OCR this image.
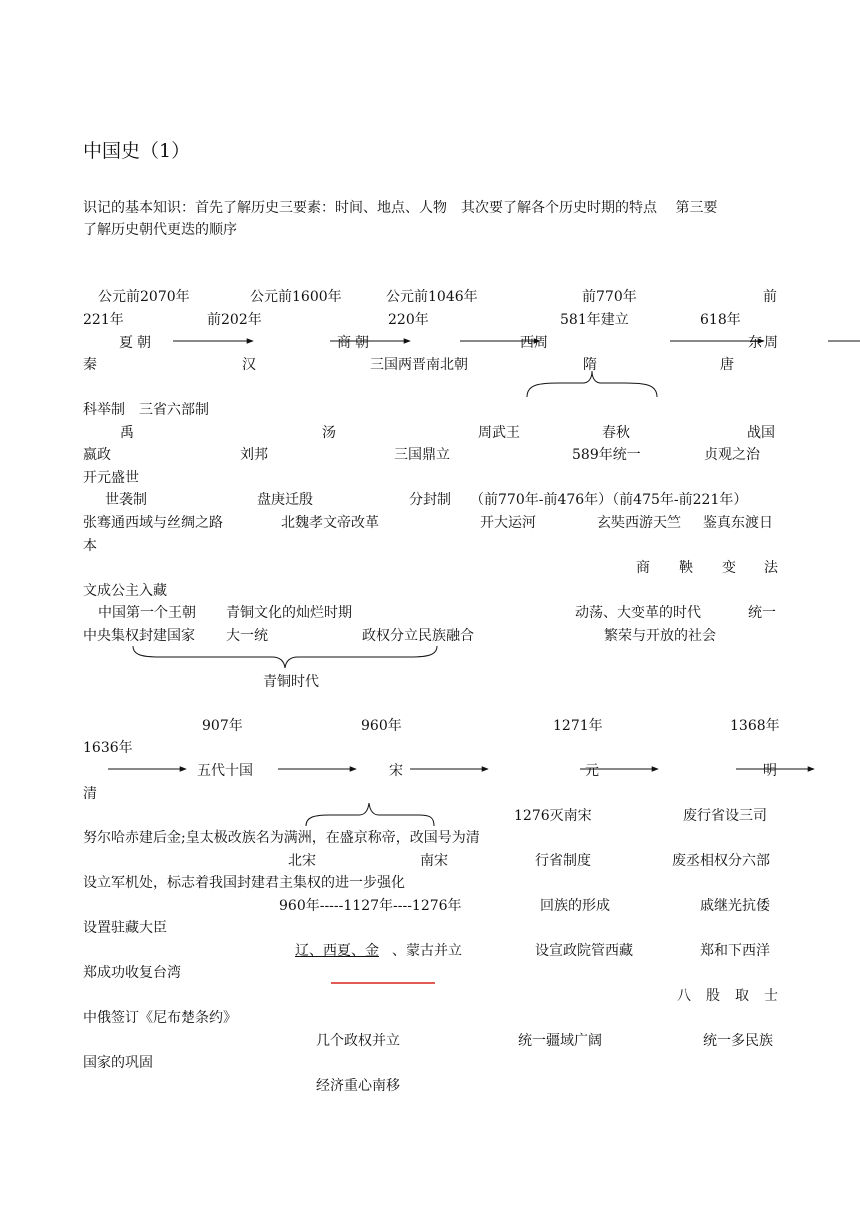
中国史（1）
识记的基本知识：首先了解历史三要素：时间、地点、人物　其次要了解各个历史时期的特点　 第三要
了解历史朝代更迭的顺序
公元前2070年	公元前1600年	公元前1046年	前770年	前
221年	前202年	220年	581年建立	618年
夏朝	商朝	西周	东周
秦	汉	三国两晋南北朝	隋	唐
科举制　三省六部制
禹	汤	周武王	春秋	战国
嬴政	刘邦	三国鼎立	589年统一	贞观之治
开元盛世
世袭制	盘庚迁殷	分封制 （前770年-前476年）（前475年-前221年）
张骞通西域与丝绸之路	北魏孝文帝改革	开大运河	玄奘西游天竺 鉴真东渡日
本
商 鞅 变 法
文成公主入藏
中国第一个王朝 青铜文化的灿烂时期	动荡、大变革的时代	统一
中央集权封建国家 大一统	政权分立民族融合	繁荣与开放的社会
青铜时代
907年	960年	1271年	1368年
1636年
五代十国	宋	元	明
清
1276灭南宋	废行省设三司
努尔哈赤建后金;皇太极改族名为满洲，在盛京称帝，改国号为清
北宋	南宋	行省制度	废丞相权分六部
设立军机处，标志着我国封建君主集权的进一步强化
960年-----1127年----1276年	回族的形成	戚继光抗倭
设置驻藏大臣
辽、西夏、金 、蒙古并立	设宣政院管西藏	郑和下西洋
郑成功收复台湾
八 股 取 士
中俄签订《尼布楚条约》
几个政权并立	统一疆域广阔	统一多民族
国家的巩固
经济重心南移
